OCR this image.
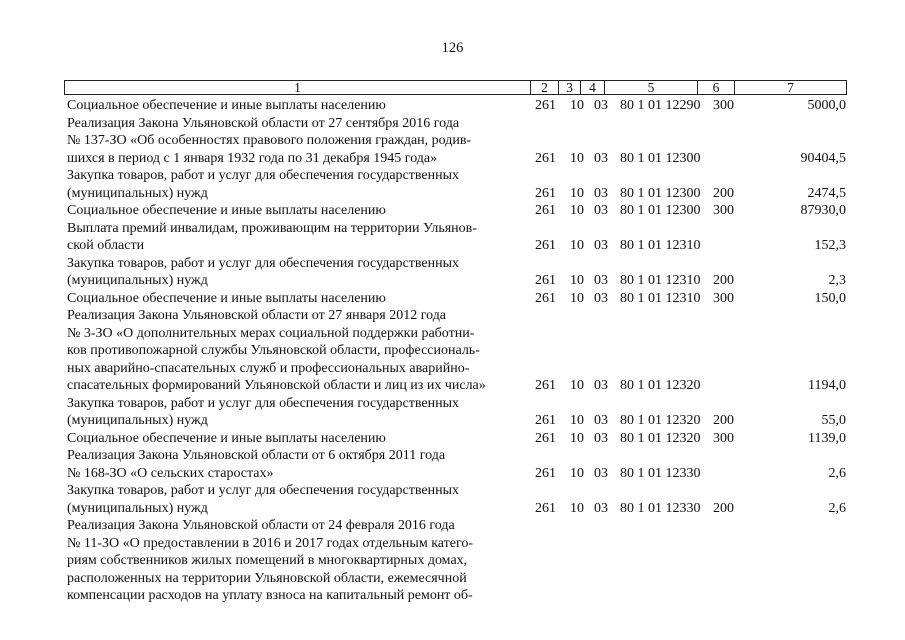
126
1	2	3	4	5	6	7
Социальное обеспечение и иные выплаты населению	261 10 03 80 1 01 12290 300	5000,0
Реализация Закона Ульяновской области от 27 сентября 2016 года
№ 137-ЗО «Об особенностях правового положения граждан, родив-
шихся в период с 1 января 1932 года по 31 декабря 1945 года»	261 10 03 80 1 01 12300	90404,5
Закупка товаров, работ и услуг для обеспечения государственных
(муниципальных) нужд	261 10 03 80 1 01 12300 200	2474,5
Социальное обеспечение и иные выплаты населению	261 10 03 80 1 01 12300 300	87930,0
Выплата премий инвалидам, проживающим на территории Ульянов-
ской области	261 10 03 80 1 01 12310	152,3
Закупка товаров, работ и услуг для обеспечения государственных
(муниципальных) нужд	261 10 03 80 1 01 12310 200	2,3
Социальное обеспечение и иные выплаты населению	261 10 03 80 1 01 12310 300	150,0
Реализация Закона Ульяновской области от 27 января 2012 года
№ 3-ЗО «О дополнительных мерах социальной поддержки работни-
ков противопожарной службы Ульяновской области, профессиональ-
ных аварийно-спасательных служб и профессиональных аварийно-
спасательных формирований Ульяновской области и лиц из их числа»	261 10 03 80 1 01 12320	1194,0
Закупка товаров, работ и услуг для обеспечения государственных
(муниципальных) нужд	261 10 03 80 1 01 12320 200	55,0
Социальное обеспечение и иные выплаты населению	261 10 03 80 1 01 12320 300	1139,0
Реализация Закона Ульяновской области от 6 октября 2011 года
№ 168-ЗО «О сельских старостах»	261 10 03 80 1 01 12330	2,6
Закупка товаров, работ и услуг для обеспечения государственных
(муниципальных) нужд	261 10 03 80 1 01 12330 200	2,6
Реализация Закона Ульяновской области от 24 февраля 2016 года
№ 11-ЗО «О предоставлении в 2016 и 2017 годах отдельным катего-
риям собственников жилых помещений в многоквартирных домах,
расположенных на территории Ульяновской области, ежемесячной
компенсации расходов на уплату взноса на капитальный ремонт об-
